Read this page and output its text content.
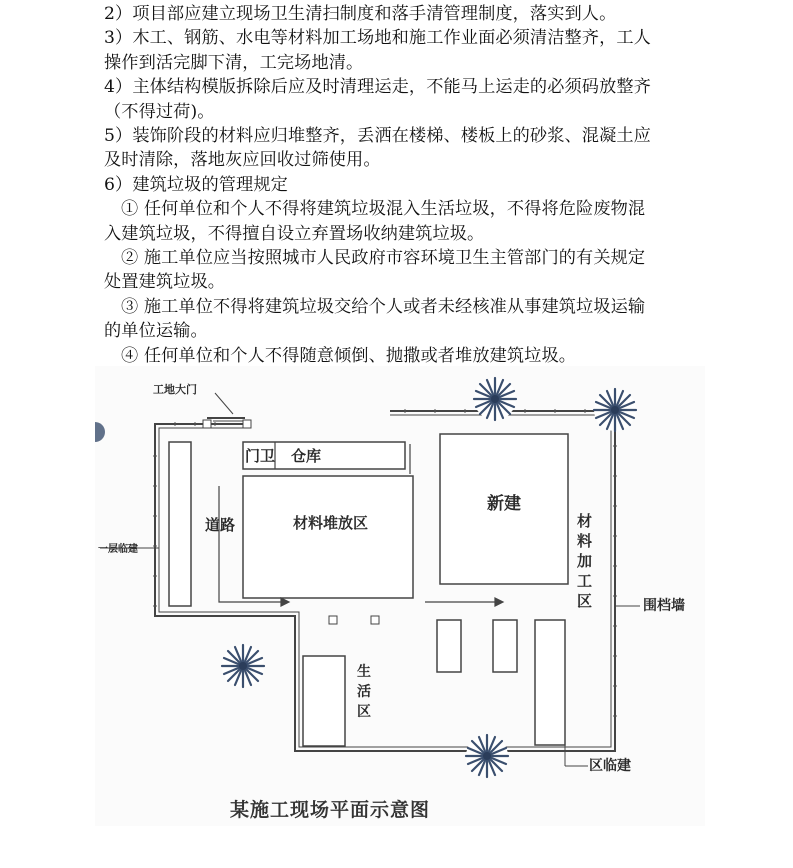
2）项目部应建立现场卫生清扫制度和落手清管理制度，落实到人。
3）木工、钢筋、水电等材料加工场地和施工作业面必须清洁整齐，工人
操作到活完脚下清，工完场地清。
4）主体结构模版拆除后应及时清理运走，不能马上运走的必须码放整齐
（不得过荷)。
5）装饰阶段的材料应归堆整齐，丢洒在楼梯、楼板上的砂浆、混凝土应
及时清除，落地灰应回收过筛使用。
6）建筑垃圾的管理规定
① 任何单位和个人不得将建筑垃圾混入生活垃圾，不得将危险废物混
入建筑垃圾，不得擅自设立弃置场收纳建筑垃圾。
② 施工单位应当按照城市人民政府市容环境卫生主管部门的有关规定
处置建筑垃圾。
③ 施工单位不得将建筑垃圾交给个人或者未经核准从事建筑垃圾运输
的单位运输。
④ 任何单位和个人不得随意倾倒、抛撒或者堆放建筑垃圾。
工地大门
一层临建
门卫 仓库
材料堆放区
道路
新建
材料加工区	围档墙
生活区
区临建
某施工现场平面示意图
